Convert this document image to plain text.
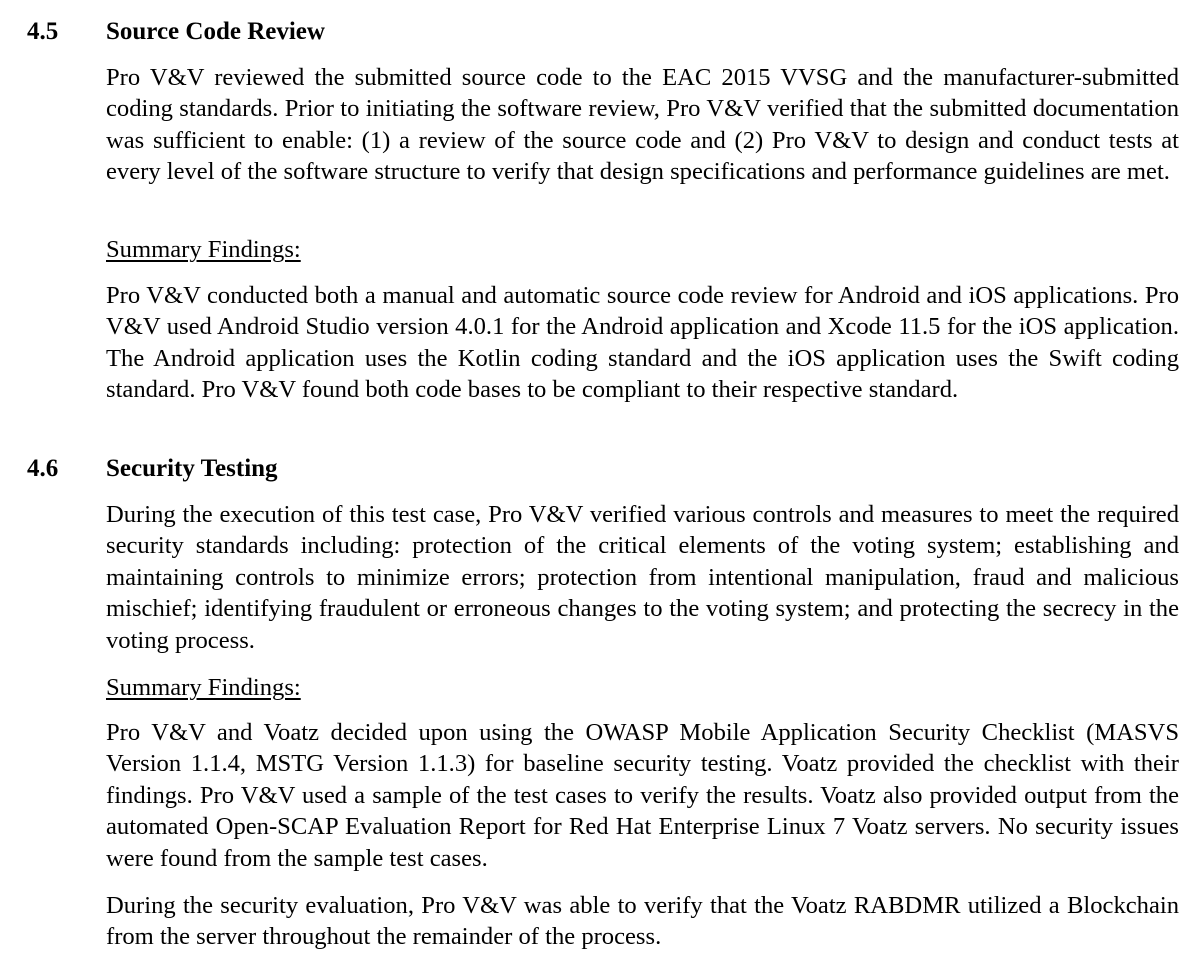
4.5 Source Code Review
Pro V&V reviewed the submitted source code to the EAC 2015 VVSG and the manufacturer-submitted coding standards. Prior to initiating the software review, Pro V&V verified that the submitted documentation was sufficient to enable: (1) a review of the source code and (2) Pro V&V to design and conduct tests at every level of the software structure to verify that design specifications and performance guidelines are met.
Summary Findings:
Pro V&V conducted both a manual and automatic source code review for Android and iOS applications. Pro V&V used Android Studio version 4.0.1 for the Android application and Xcode 11.5 for the iOS application. The Android application uses the Kotlin coding standard and the iOS application uses the Swift coding standard. Pro V&V found both code bases to be compliant to their respective standard.
4.6 Security Testing
During the execution of this test case, Pro V&V verified various controls and measures to meet the required security standards including: protection of the critical elements of the voting system; establishing and maintaining controls to minimize errors; protection from intentional manipulation, fraud and malicious mischief; identifying fraudulent or erroneous changes to the voting system; and protecting the secrecy in the voting process.
Summary Findings:
Pro V&V and Voatz decided upon using the OWASP Mobile Application Security Checklist (MASVS Version 1.1.4, MSTG Version 1.1.3) for baseline security testing. Voatz provided the checklist with their findings. Pro V&V used a sample of the test cases to verify the results. Voatz also provided output from the automated Open-SCAP Evaluation Report for Red Hat Enterprise Linux 7 Voatz servers. No security issues were found from the sample test cases.
During the security evaluation, Pro V&V was able to verify that the Voatz RABDMR utilized a Blockchain from the server throughout the remainder of the process.
